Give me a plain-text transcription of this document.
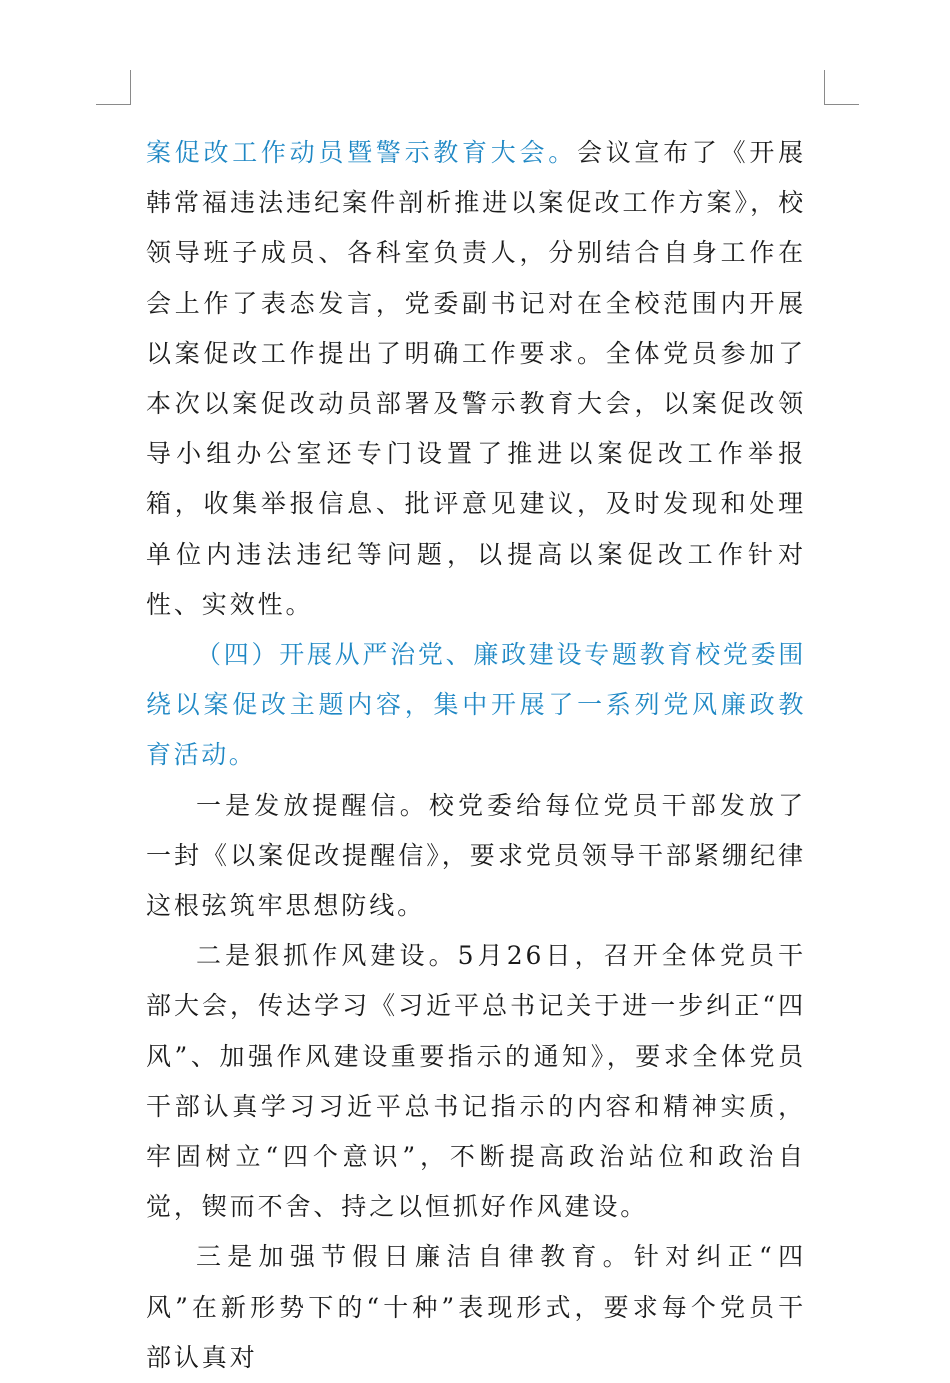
案促改工作动员暨警示教育大会。会议宣布了《开展韩常福违法违纪案件剖析推进以案促改工作方案》，校领导班子成员、各科室负责人，分别结合自身工作在会上作了表态发言，党委副书记对在全校范围内开展以案促改工作提出了明确工作要求。全体党员参加了本次以案促改动员部署及警示教育大会，以案促改领导小组办公室还专门设置了推进以案促改工作举报箱，收集举报信息、批评意见建议，及时发现和处理单位内违法违纪等问题，以提高以案促改工作针对性、实效性。

（四）开展从严治党、廉政建设专题教育校党委围绕以案促改主题内容，集中开展了一系列党风廉政教育活动。

一是发放提醒信。校党委给每位党员干部发放了一封《以案促改提醒信》，要求党员领导干部紧绷纪律这根弦筑牢思想防线。

二是狠抓作风建设。5月26日，召开全体党员干部大会，传达学习《习近平总书记关于进一步纠正“四风”、加强作风建设重要指示的通知》，要求全体党员干部认真学习习近平总书记指示的内容和精神实质，牢固树立“四个意识”，不断提高政治站位和政治自觉，锲而不舍、持之以恒抓好作风建设。

三是加强节假日廉洁自律教育。针对纠正“四风”在新形势下的“十种”表现形式，要求每个党员干部认真对
